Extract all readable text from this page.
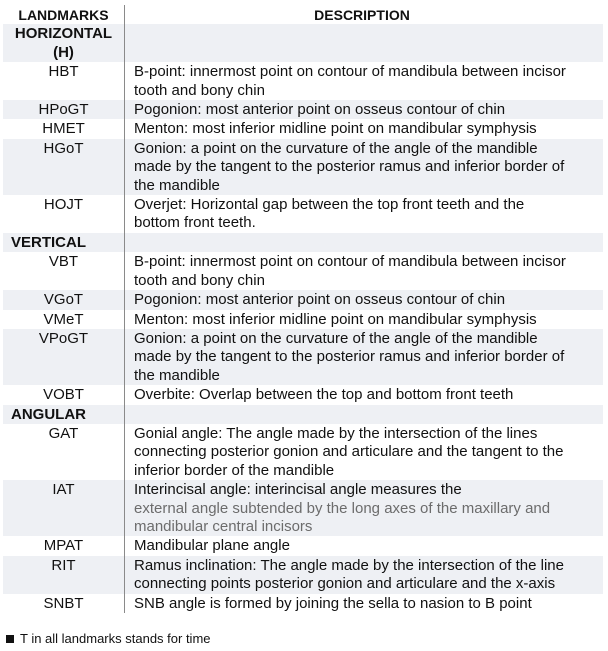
LANDMARKS	DESCRIPTION
HORIZONTAL (H)
HBT	B-point: innermost point on contour of mandibula between incisor
tooth and bony chin
HPoGT	Pogonion: most anterior point on osseus contour of chin
HMET	Menton: most inferior midline point on mandibular symphysis
HGoT	Gonion: a point on the curvature of the angle of the mandible
made by the tangent to the posterior ramus and inferior border of
the mandible
HOJT	Overjet: Horizontal gap between the top front teeth and the
bottom front teeth.
VERTICAL
VBT	B-point: innermost point on contour of mandibula between incisor
tooth and bony chin
VGoT	Pogonion: most anterior point on osseus contour of chin
VMeT	Menton: most inferior midline point on mandibular symphysis
VPoGT	Gonion: a point on the curvature of the angle of the mandible
made by the tangent to the posterior ramus and inferior border of
the mandible
VOBT	Overbite: Overlap between the top and bottom front teeth
ANGULAR
GAT	Gonial angle: The angle made by the intersection of the lines
connecting posterior gonion and articulare and the tangent to the
inferior border of the mandible
IAT	Interincisal angle: interincisal angle measures the
external angle subtended by the long axes of the maxillary and
mandibular central incisors
MPAT	Mandibular plane angle
RIT	Ramus inclination: The angle made by the intersection of the line
connecting points posterior gonion and articulare and the x-axis
SNBT	SNB angle is formed by joining the sella to nasion to B point
T in all landmarks stands for time
